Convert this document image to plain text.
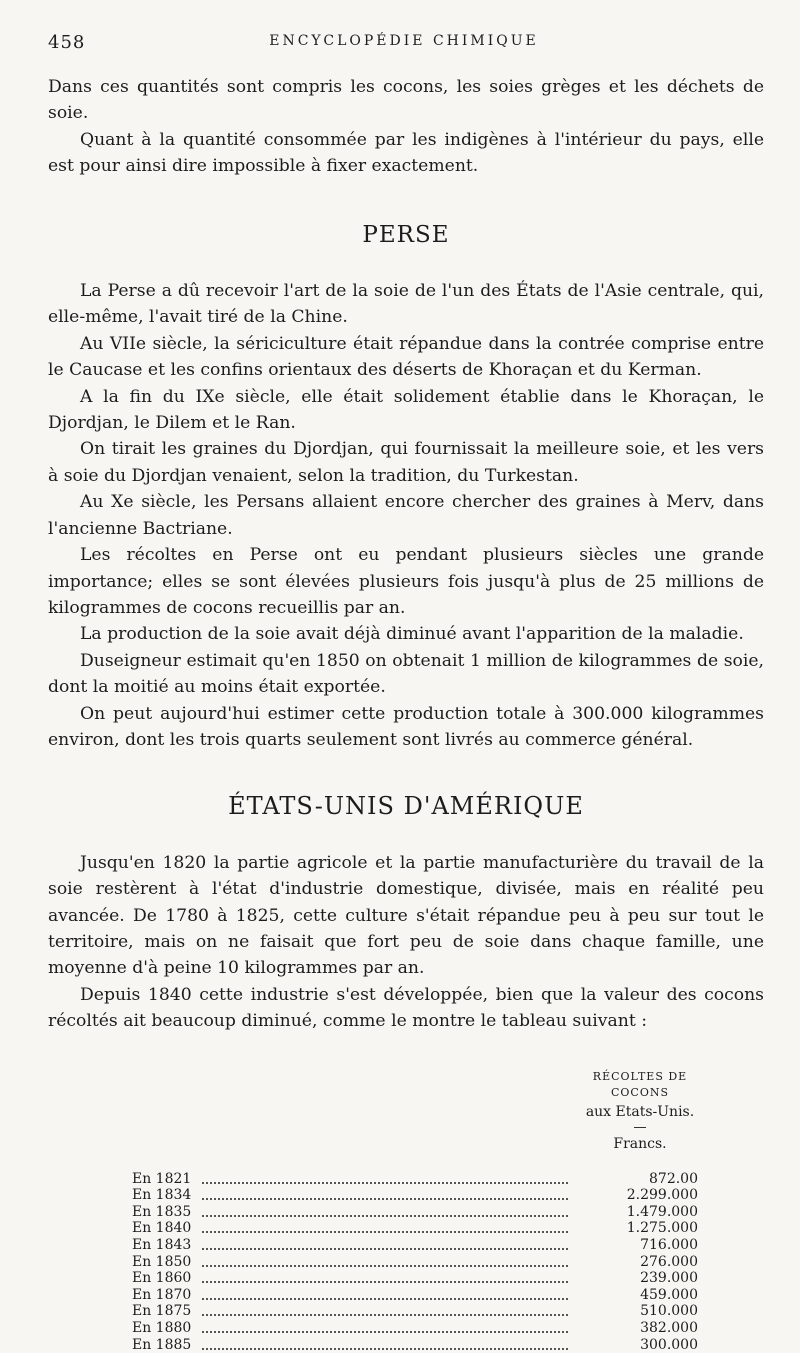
458	ENCYCLOPÉDIE CHIMIQUE

Dans ces quantités sont compris les cocons, les soies grèges et les déchets de soie.

Quant à la quantité consommée par les indigènes à l'intérieur du pays, elle est pour ainsi dire impossible à fixer exactement.

PERSE

La Perse a dû recevoir l'art de la soie de l'un des États de l'Asie centrale, qui, elle-même, l'avait tiré de la Chine.

Au VIIe siècle, la sériciculture était répandue dans la contrée comprise entre le Caucase et les confins orientaux des déserts de Khoraçan et du Kerman.

A la fin du IXe siècle, elle était solidement établie dans le Khoraçan, le Djordjan, le Dilem et le Ran.

On tirait les graines du Djordjan, qui fournissait la meilleure soie, et les vers à soie du Djordjan venaient, selon la tradition, du Turkestan.

Au Xe siècle, les Persans allaient encore chercher des graines à Merv, dans l'ancienne Bactriane.

Les récoltes en Perse ont eu pendant plusieurs siècles une grande importance; elles se sont élevées plusieurs fois jusqu'à plus de 25 millions de kilogrammes de cocons recueillis par an.

La production de la soie avait déjà diminué avant l'apparition de la maladie.

Duseigneur estimait qu'en 1850 on obtenait 1 million de kilogrammes de soie, dont la moitié au moins était exportée.

On peut aujourd'hui estimer cette production totale à 300.000 kilogrammes environ, dont les trois quarts seulement sont livrés au commerce général.

ÉTATS-UNIS D'AMÉRIQUE

Jusqu'en 1820 la partie agricole et la partie manufacturière du travail de la soie restèrent à l'état d'industrie domestique, divisée, mais en réalité peu avancée. De 1780 à 1825, cette culture s'était répandue peu à peu sur tout le territoire, mais on ne faisait que fort peu de soie dans chaque famille, une moyenne d'à peine 10 kilogrammes par an.

Depuis 1840 cette industrie s'est développée, bien que la valeur des cocons récoltés ait beaucoup diminué, comme le montre le tableau suivant :

RÉCOLTES DE COCONS
aux Etats-Unis.
Francs.
En 1821	872.00
En 1834	2.299.000
En 1835	1.479.000
En 1840	1.275.000
En 1843	716.000
En 1850	276.000
En 1860	239.000
En 1870	459.000
En 1875	510.000
En 1880	382.000
En 1885	300.000
